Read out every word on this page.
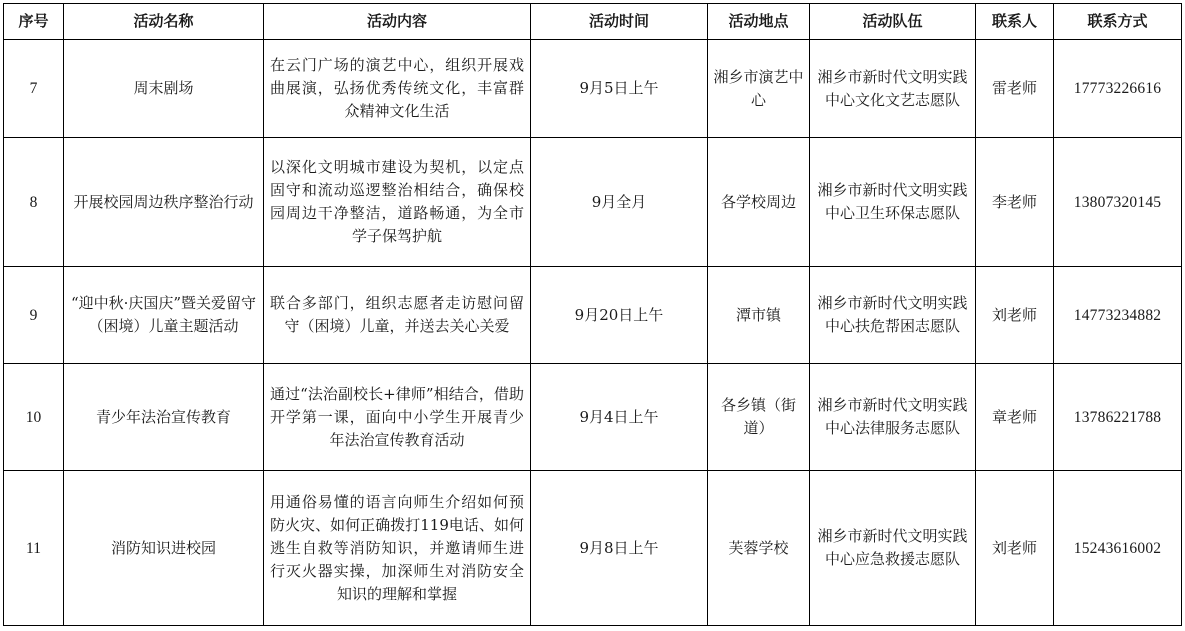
序号	活动名称	活动内容	活动时间	活动地点	活动队伍	联系人	联系方式
7	周末剧场	在云门广场的演艺中心，组织开展戏曲展演，弘扬优秀传统文化，丰富群众精神文化生活	9月5日上午	湘乡市演艺中心	湘乡市新时代文明实践中心文化文艺志愿队	雷老师	17773226616
8	开展校园周边秩序整治行动	以深化文明城市建设为契机，以定点固守和流动巡逻整治相结合，确保校园周边干净整洁，道路畅通，为全市学子保驾护航	9月全月	各学校周边	湘乡市新时代文明实践中心卫生环保志愿队	李老师	13807320145
9	“迎中秋·庆国庆”暨关爱留守（困境）儿童主题活动	联合多部门，组织志愿者走访慰问留守（困境）儿童，并送去关心关爱	9月20日上午	潭市镇	湘乡市新时代文明实践中心扶危帮困志愿队	刘老师	14773234882
10	青少年法治宣传教育	通过“法治副校长+律师”相结合，借助开学第一课，面向中小学生开展青少年法治宣传教育活动	9月4日上午	各乡镇（街道）	湘乡市新时代文明实践中心法律服务志愿队	章老师	13786221788
11	消防知识进校园	用通俗易懂的语言向师生介绍如何预防火灾、如何正确拨打119电话、如何逃生自救等消防知识，并邀请师生进行灭火器实操，加深师生对消防安全知识的理解和掌握	9月8日上午	芙蓉学校	湘乡市新时代文明实践中心应急救援志愿队	刘老师	15243616002
